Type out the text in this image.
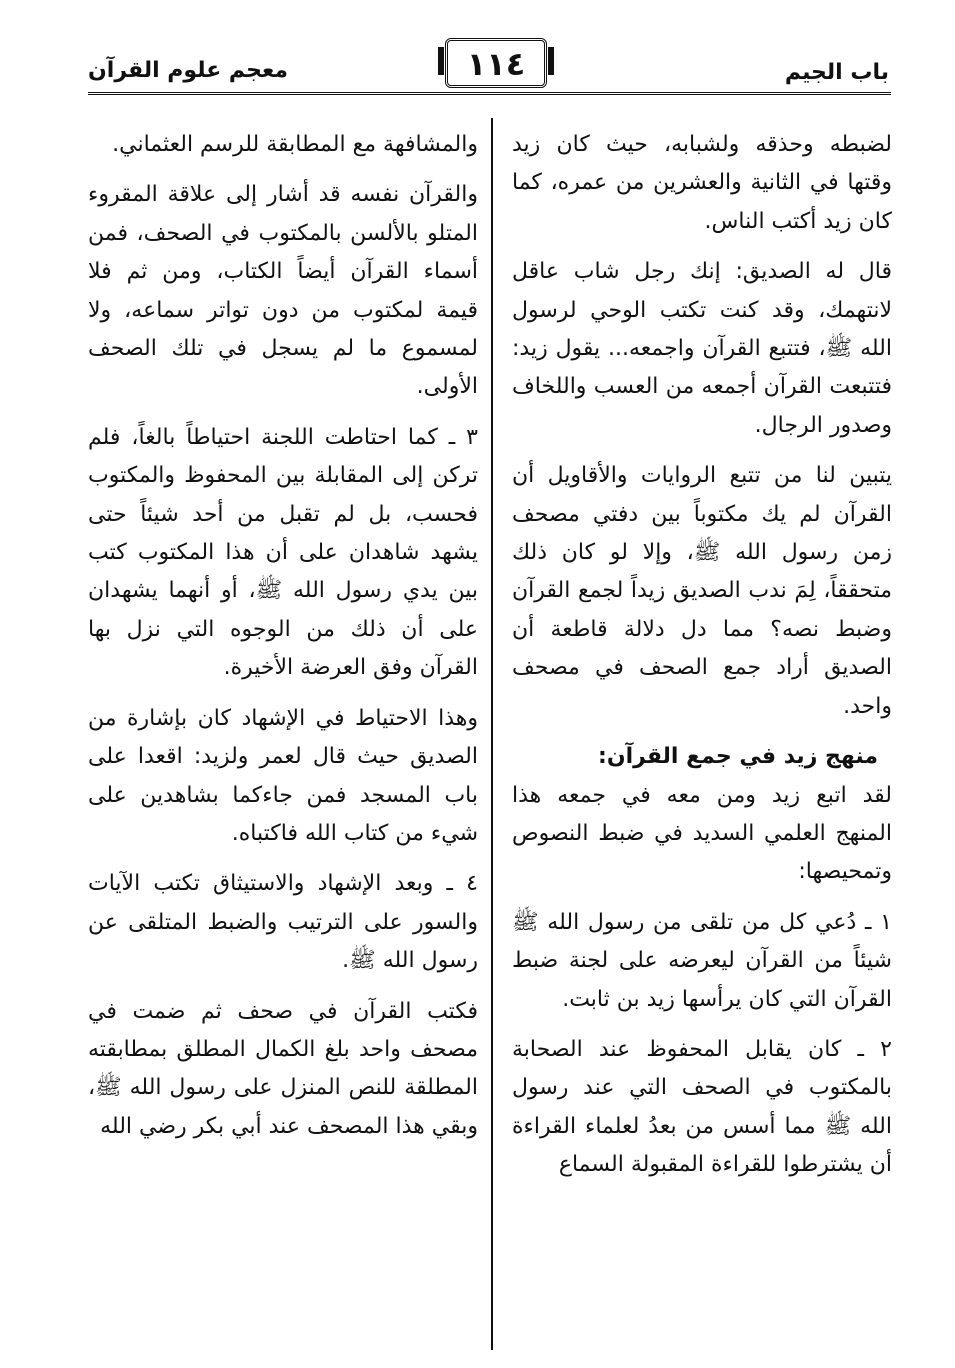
معجم علوم القرآن	١١٤	باب الجيم

لضبطه وحذقه ولشبابه، حيث كان زيد وقتها في الثانية والعشرين من عمره، كما كان زيد أكتب الناس.

قال له الصديق: إنك رجل شاب عاقل لانتهمك، وقد كنت تكتب الوحي لرسول الله ﷺ، فتتبع القرآن واجمعه... يقول زيد: فتتبعت القرآن أجمعه من العسب واللخاف وصدور الرجال.

يتبين لنا من تتبع الروايات والأقاويل أن القرآن لم يك مكتوباً بين دفتي مصحف زمن رسول الله ﷺ، وإلا لو كان ذلك متحققاً، لِمَ ندب الصديق زيداً لجمع القرآن وضبط نصه؟ مما دل دلالة قاطعة أن الصديق أراد جمع الصحف في مصحف واحد.

منهج زيد في جمع القرآن:

لقد اتبع زيد ومن معه في جمعه هذا المنهج العلمي السديد في ضبط النصوص وتمحيصها:

١ ـ دُعي كل من تلقى من رسول الله ﷺ شيئاً من القرآن ليعرضه على لجنة ضبط القرآن التي كان يرأسها زيد بن ثابت.

٢ ـ كان يقابل المحفوظ عند الصحابة بالمكتوب في الصحف التي عند رسول الله ﷺ مما أسس من بعدُ لعلماء القراءة أن يشترطوا للقراءة المقبولة السماع

والمشافهة مع المطابقة للرسم العثماني.

والقرآن نفسه قد أشار إلى علاقة المقروء المتلو بالألسن بالمكتوب في الصحف، فمن أسماء القرآن أيضاً الكتاب، ومن ثم فلا قيمة لمكتوب من دون تواتر سماعه، ولا لمسموع ما لم يسجل في تلك الصحف الأولى.

٣ ـ كما احتاطت اللجنة احتياطاً بالغاً، فلم تركن إلى المقابلة بين المحفوظ والمكتوب فحسب، بل لم تقبل من أحد شيئاً حتى يشهد شاهدان على أن هذا المكتوب كتب بين يدي رسول الله ﷺ، أو أنهما يشهدان على أن ذلك من الوجوه التي نزل بها القرآن وفق العرضة الأخيرة.

وهذا الاحتياط في الإشهاد كان بإشارة من الصديق حيث قال لعمر ولزيد: اقعدا على باب المسجد فمن جاءكما بشاهدين على شيء من كتاب الله فاكتباه.

٤ ـ وبعد الإشهاد والاستيثاق تكتب الآيات والسور على الترتيب والضبط المتلقى عن رسول الله ﷺ.

فكتب القرآن في صحف ثم ضمت في مصحف واحد بلغ الكمال المطلق بمطابقته المطلقة للنص المنزل على رسول الله ﷺ، وبقي هذا المصحف عند أبي بكر رضي الله
